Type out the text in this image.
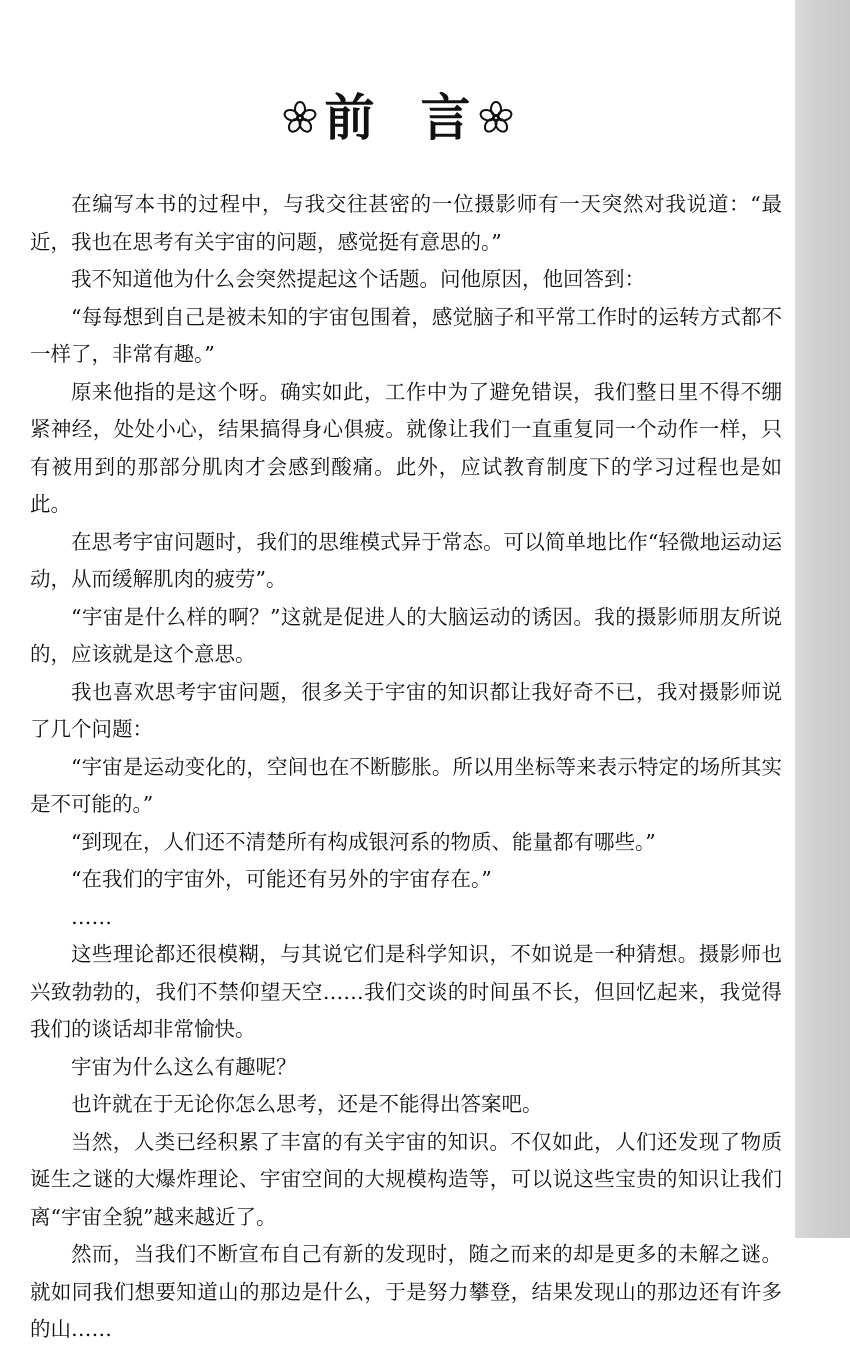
前 言

在编写本书的过程中，与我交往甚密的一位摄影师有一天突然对我说道：“最近，我也在思考有关宇宙的问题，感觉挺有意思的。”

我不知道他为什么会突然提起这个话题。问他原因，他回答到：

“每每想到自己是被未知的宇宙包围着，感觉脑子和平常工作时的运转方式都不一样了，非常有趣。”

原来他指的是这个呀。确实如此，工作中为了避免错误，我们整日里不得不绷紧神经，处处小心，结果搞得身心俱疲。就像让我们一直重复同一个动作一样，只有被用到的那部分肌肉才会感到酸痛。此外，应试教育制度下的学习过程也是如此。

在思考宇宙问题时，我们的思维模式异于常态。可以简单地比作“轻微地运动运动，从而缓解肌肉的疲劳”。

“宇宙是什么样的啊？”这就是促进人的大脑运动的诱因。我的摄影师朋友所说的，应该就是这个意思。

我也喜欢思考宇宙问题，很多关于宇宙的知识都让我好奇不已，我对摄影师说了几个问题：

“宇宙是运动变化的，空间也在不断膨胀。所以用坐标等来表示特定的场所其实是不可能的。”

“到现在，人们还不清楚所有构成银河系的物质、能量都有哪些。”

“在我们的宇宙外，可能还有另外的宇宙存在。”

……

这些理论都还很模糊，与其说它们是科学知识，不如说是一种猜想。摄影师也兴致勃勃的，我们不禁仰望天空……我们交谈的时间虽不长，但回忆起来，我觉得我们的谈话却非常愉快。

宇宙为什么这么有趣呢？

也许就在于无论你怎么思考，还是不能得出答案吧。

当然，人类已经积累了丰富的有关宇宙的知识。不仅如此，人们还发现了物质诞生之谜的大爆炸理论、宇宙空间的大规模构造等，可以说这些宝贵的知识让我们离“宇宙全貌”越来越近了。

然而，当我们不断宣布自己有新的发现时，随之而来的却是更多的未解之谜。就如同我们想要知道山的那边是什么，于是努力攀登，结果发现山的那边还有许多的山……
